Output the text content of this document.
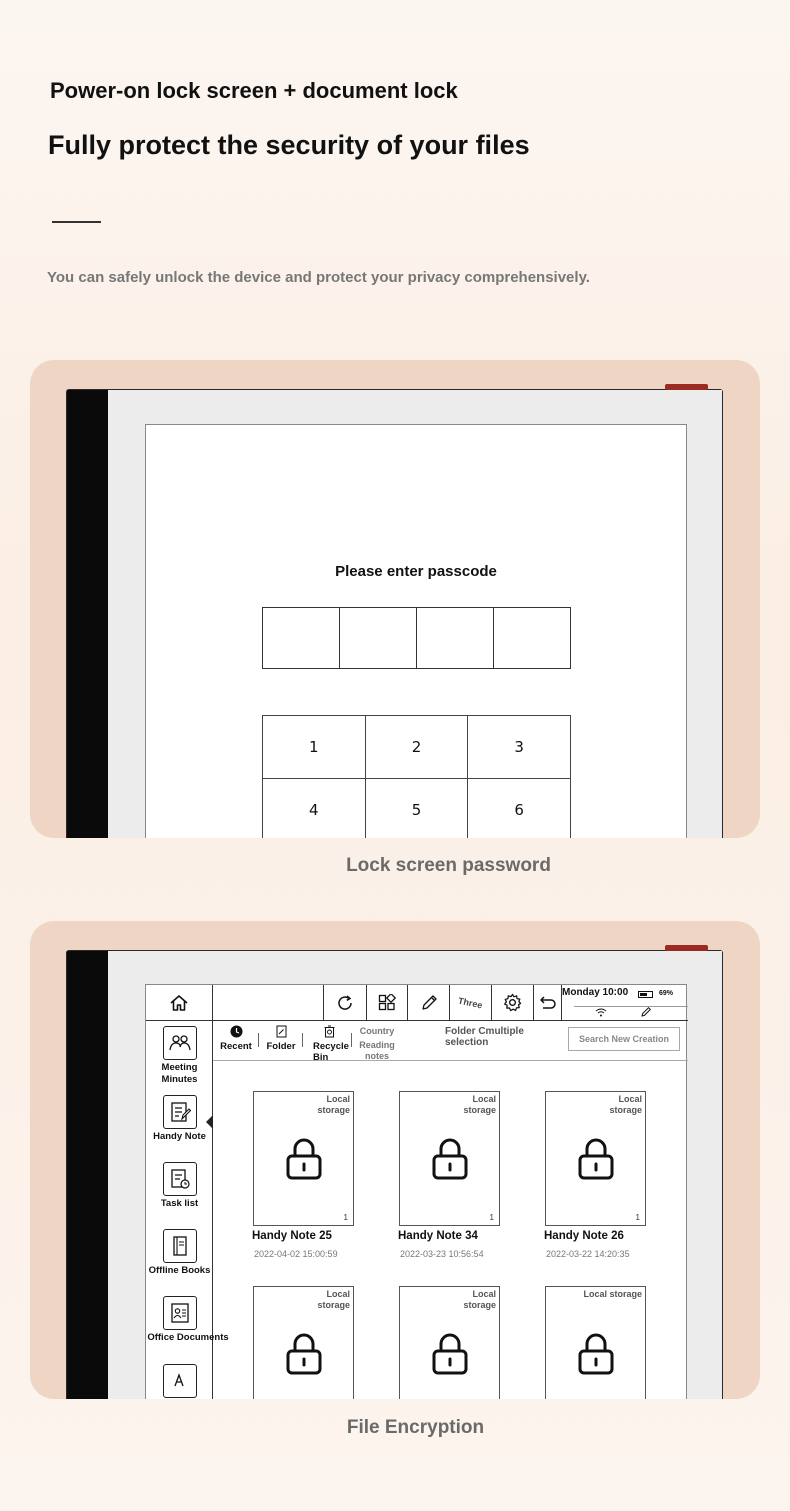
Power-on lock screen + document lock
Fully protect the security of your files
You can safely unlock the device and protect your privacy comprehensively.
Please enter passcode
1	2	3
4	5	6
Lock screen password
Three
Monday 10:00	69%
Meeting Minutes
Handy Note
Task list
Offline Books
Office Documents
Recent Folder	Recycle Bin
Country
Reading notes
Folder Cmultiple selection	Search New Creation
Local storage
1
Handy Note 25
2022-04-02 15:00:59
Local storage
1
Handy Note 34
2022-03-23 10:56:54
Local storage
1
Handy Note 26
2022-03-22 14:20:35
Local storage
Local storage
Local storage
File Encryption
